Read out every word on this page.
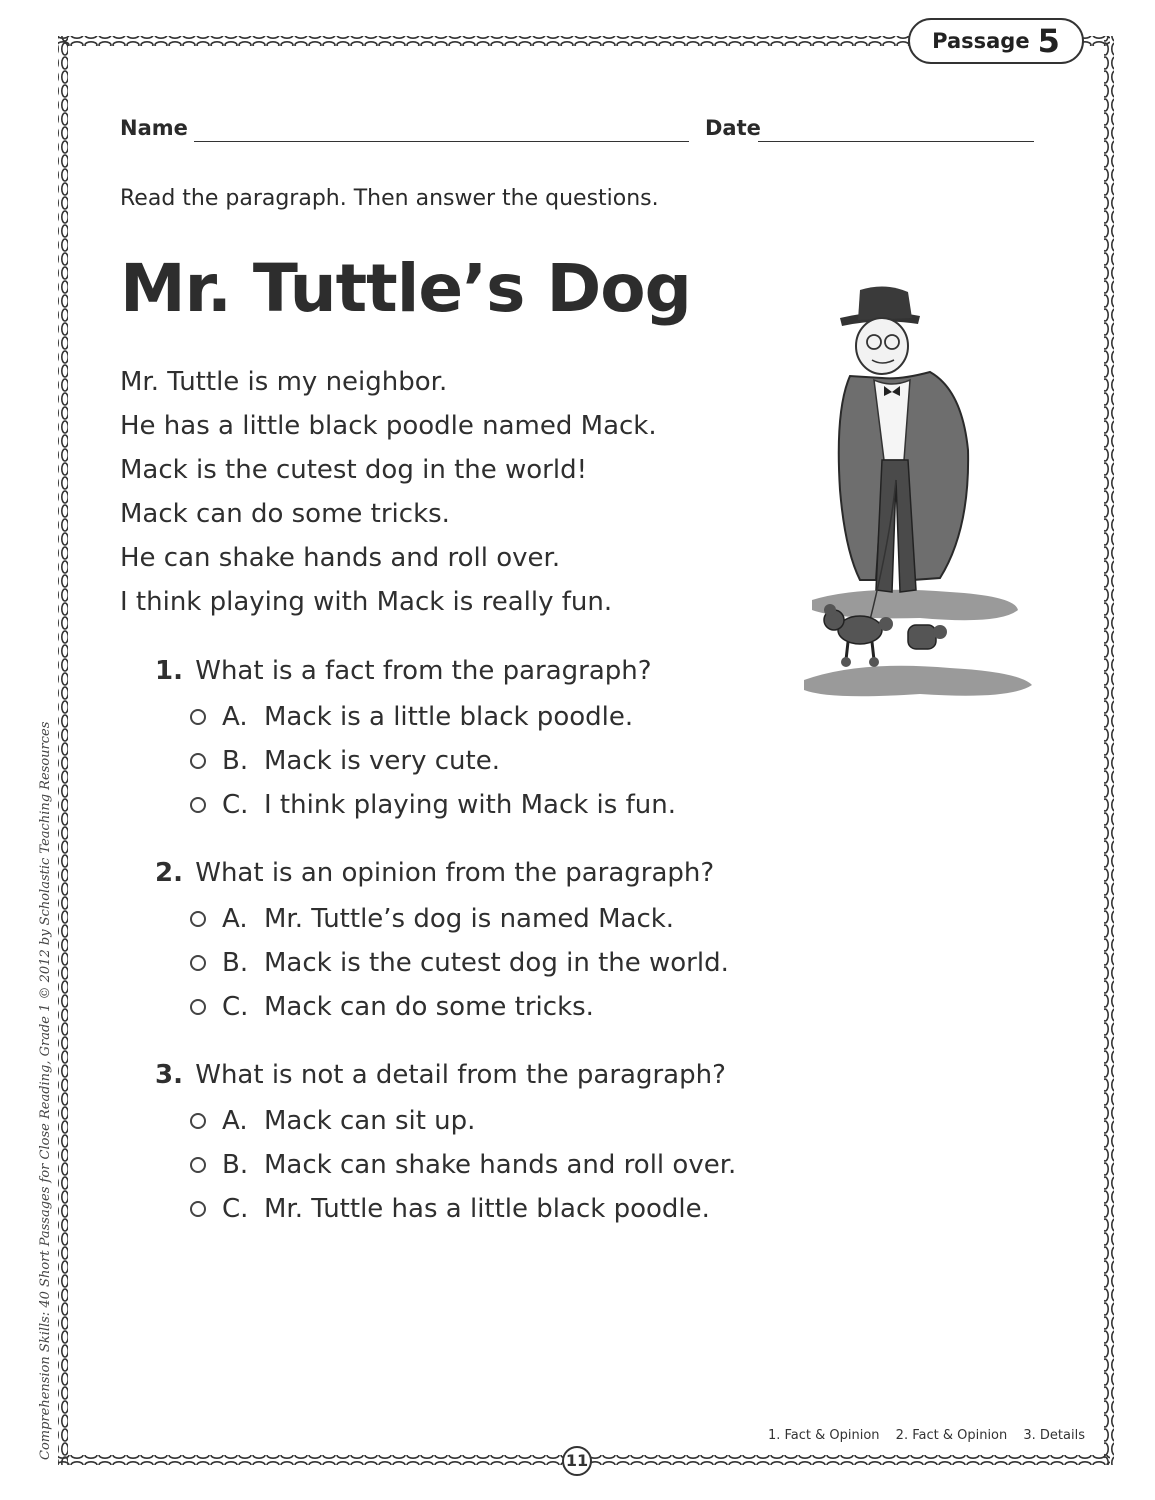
Passage 5
Name	Date
Read the paragraph. Then answer the questions.
Mr. Tuttle’s Dog
Mr. Tuttle is my neighbor.
He has a little black poodle named Mack.
Mack is the cutest dog in the world!
Mack can do some tricks.
He can shake hands and roll over.
I think playing with Mack is really fun.
1. What is a fact from the paragraph?
A. Mack is a little black poodle.
B. Mack is very cute.
C. I think playing with Mack is fun.
2. What is an opinion from the paragraph?
A. Mr. Tuttle’s dog is named Mack.
B. Mack is the cutest dog in the world.
C. Mack can do some tricks.
3. What is not a detail from the paragraph?
A. Mack can sit up.
B. Mack can shake hands and roll over.
C. Mr. Tuttle has a little black poodle.
Comprehension Skills: 40 Short Passages for Close Reading, Grade 1 © 2012 by Scholastic Teaching Resources	1. Fact & Opinion 2. Fact & Opinion 3. Details
11
